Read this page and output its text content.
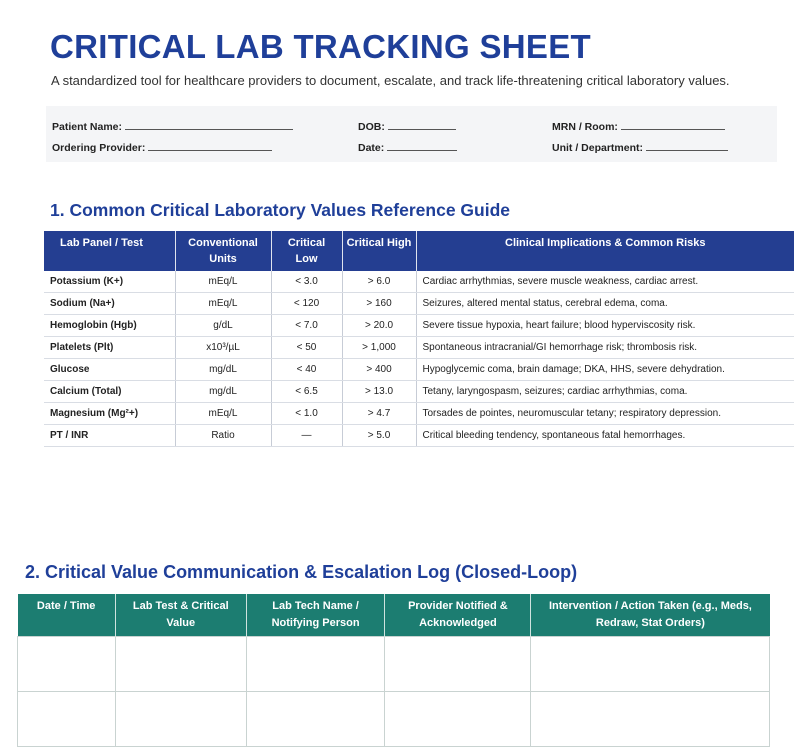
CRITICAL LAB TRACKING SHEET
A standardized tool for healthcare providers to document, escalate, and track life-threatening critical laboratory values.
Patient Name:	DOB:	MRN / Room:
Ordering Provider:	Date:	Unit / Department:
1. Common Critical Laboratory Values Reference Guide
Lab Panel / Test	Conventional Units	Critical Low	Critical High	Clinical Implications & Common Risks
Potassium (K+)	mEq/L	< 3.0	> 6.0	Cardiac arrhythmias, severe muscle weakness, cardiac arrest.
Sodium (Na+)	mEq/L	< 120	> 160	Seizures, altered mental status, cerebral edema, coma.
Hemoglobin (Hgb)	g/dL	< 7.0	> 20.0	Severe tissue hypoxia, heart failure; blood hyperviscosity risk.
Platelets (Plt)	x10³/µL	< 50	> 1,000	Spontaneous intracranial/GI hemorrhage risk; thrombosis risk.
Glucose	mg/dL	< 40	> 400	Hypoglycemic coma, brain damage; DKA, HHS, severe dehydration.
Calcium (Total)	mg/dL	< 6.5	> 13.0	Tetany, laryngospasm, seizures; cardiac arrhythmias, coma.
Magnesium (Mg²+)	mEq/L	< 1.0	> 4.7	Torsades de pointes, neuromuscular tetany; respiratory depression.
PT / INR	Ratio	—	> 5.0	Critical bleeding tendency, spontaneous fatal hemorrhages.
2. Critical Value Communication & Escalation Log (Closed-Loop)
Date / Time	Lab Test & Critical Value	Lab Tech Name / Notifying Person	Provider Notified & Acknowledged	Intervention / Action Taken (e.g., Meds, Redraw, Stat Orders)
